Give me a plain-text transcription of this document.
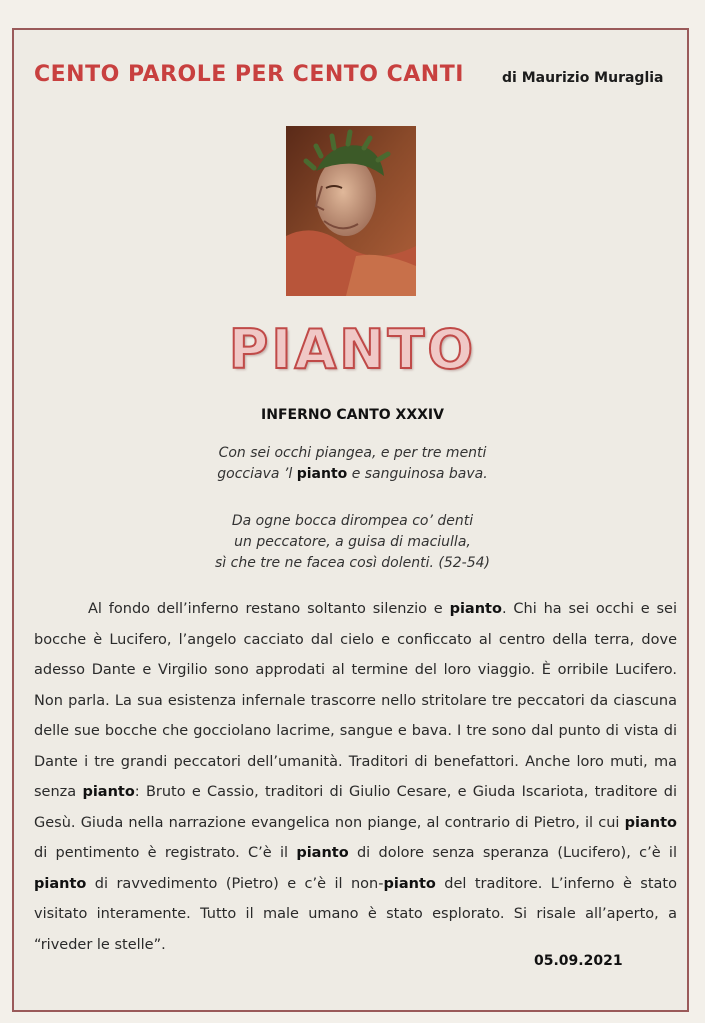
CENTO PAROLE PER CENTO CANTI	di Maurizio Muraglia
PIANTO
INFERNO CANTO XXXIV
Con sei occhi piangea, e per tre menti
gocciava ’l pianto e sanguinosa bava.
Da ogne bocca dirompea co’ denti
un peccatore, a guisa di maciulla,
sì che tre ne facea così dolenti. (52-54)

Al fondo dell’inferno restano soltanto silenzio e pianto. Chi ha sei occhi e sei bocche è Lucifero, l’angelo cacciato dal cielo e conficcato al centro della terra, dove adesso Dante e Virgilio sono approdati al termine del loro viaggio. È orribile Lucifero. Non parla. La sua esistenza infernale trascorre nello stritolare tre peccatori da ciascuna delle sue bocche che gocciolano lacrime, sangue e bava. I tre sono dal punto di vista di Dante i tre grandi peccatori dell’umanità. Traditori di benefattori. Anche loro muti, ma senza pianto: Bruto e Cassio, traditori di Giulio Cesare, e Giuda Iscariota, traditore di Gesù. Giuda nella narrazione evangelica non piange, al contrario di Pietro, il cui pianto di pentimento è registrato. C’è il pianto di dolore senza speranza (Lucifero), c’è il pianto di ravvedimento (Pietro) e c’è il non-pianto del traditore. L’inferno è stato visitato interamente. Tutto il male umano è stato esplorato. Si risale all’aperto, a “riveder le stelle”.

05.09.2021
